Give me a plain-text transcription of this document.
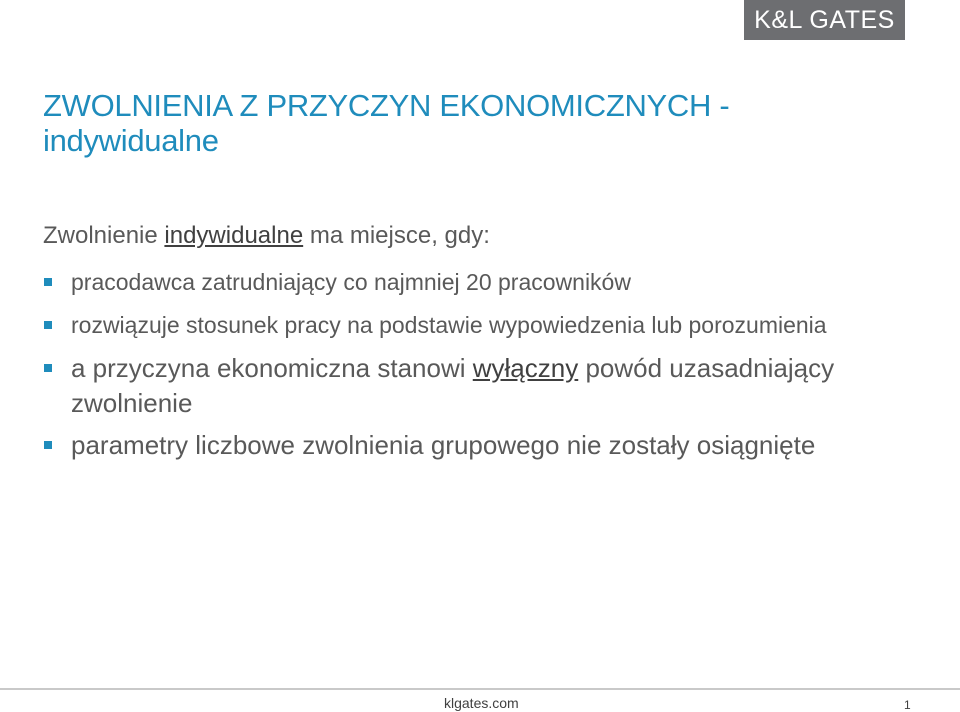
K&L GATES
ZWOLNIENIA Z PRZYCZYN EKONOMICZNYCH - indywidualne
Zwolnienie indywidualne ma miejsce, gdy:
pracodawca zatrudniający co najmniej 20 pracowników
rozwiązuje stosunek pracy na podstawie wypowiedzenia lub porozumienia
a przyczyna ekonomiczna stanowi wyłączny powód uzasadniający zwolnienie
parametry liczbowe zwolnienia grupowego nie zostały osiągnięte
klgates.com	1
